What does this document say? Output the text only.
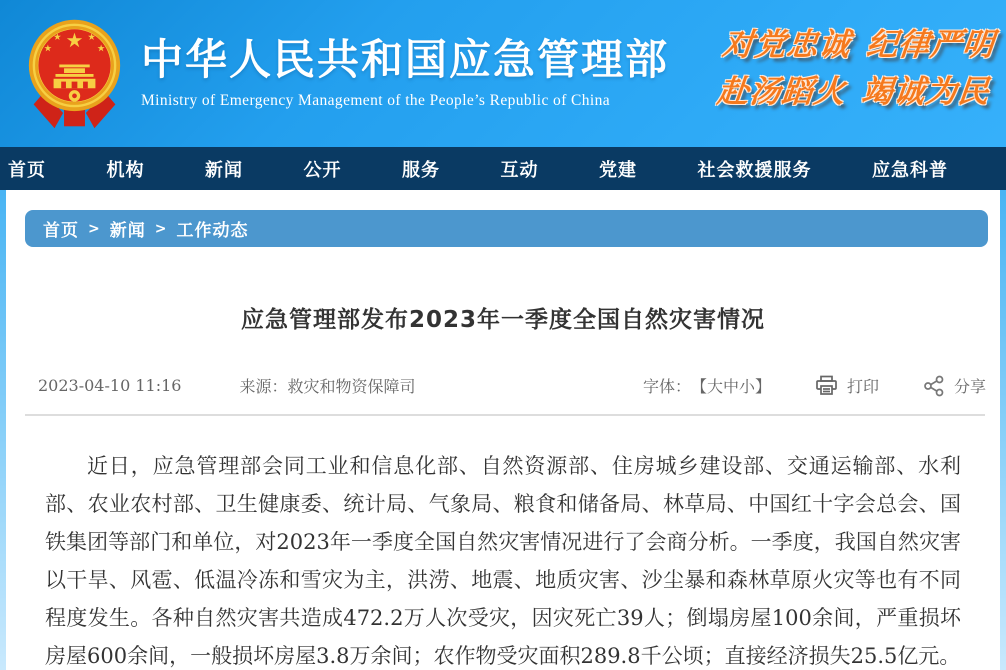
中华人民共和国应急管理部
Ministry of Emergency Management of the People’s Republic of China
对党忠诚 纪律严明
赴汤蹈火 竭诚为民
首页	机构	新闻	公开	服务	互动	党建	社会救援服务	应急科普
首页 > 新闻 > 工作动态
应急管理部发布2023年一季度全国自然灾害情况
2023-04-10 11:16	来源：救灾和物资保障司	字体： 【大中小】	打印	分享

近日，应急管理部会同工业和信息化部、自然资源部、住房城乡建设部、交通运输部、水利部、农业农村部、卫生健康委、统计局、气象局、粮食和储备局、林草局、中国红十字会总会、国铁集团等部门和单位，对2023年一季度全国自然灾害情况进行了会商分析。一季度，我国自然灾害以干旱、风雹、低温冷冻和雪灾为主，洪涝、地震、地质灾害、沙尘暴和森林草原火灾等也有不同程度发生。各种自然灾害共造成472.2万人次受灾，因灾死亡39人；倒塌房屋100余间，严重损坏房屋600余间，一般损坏房屋3.8万余间；农作物受灾面积289.8千公顷；直接经济损失25.5亿元。
